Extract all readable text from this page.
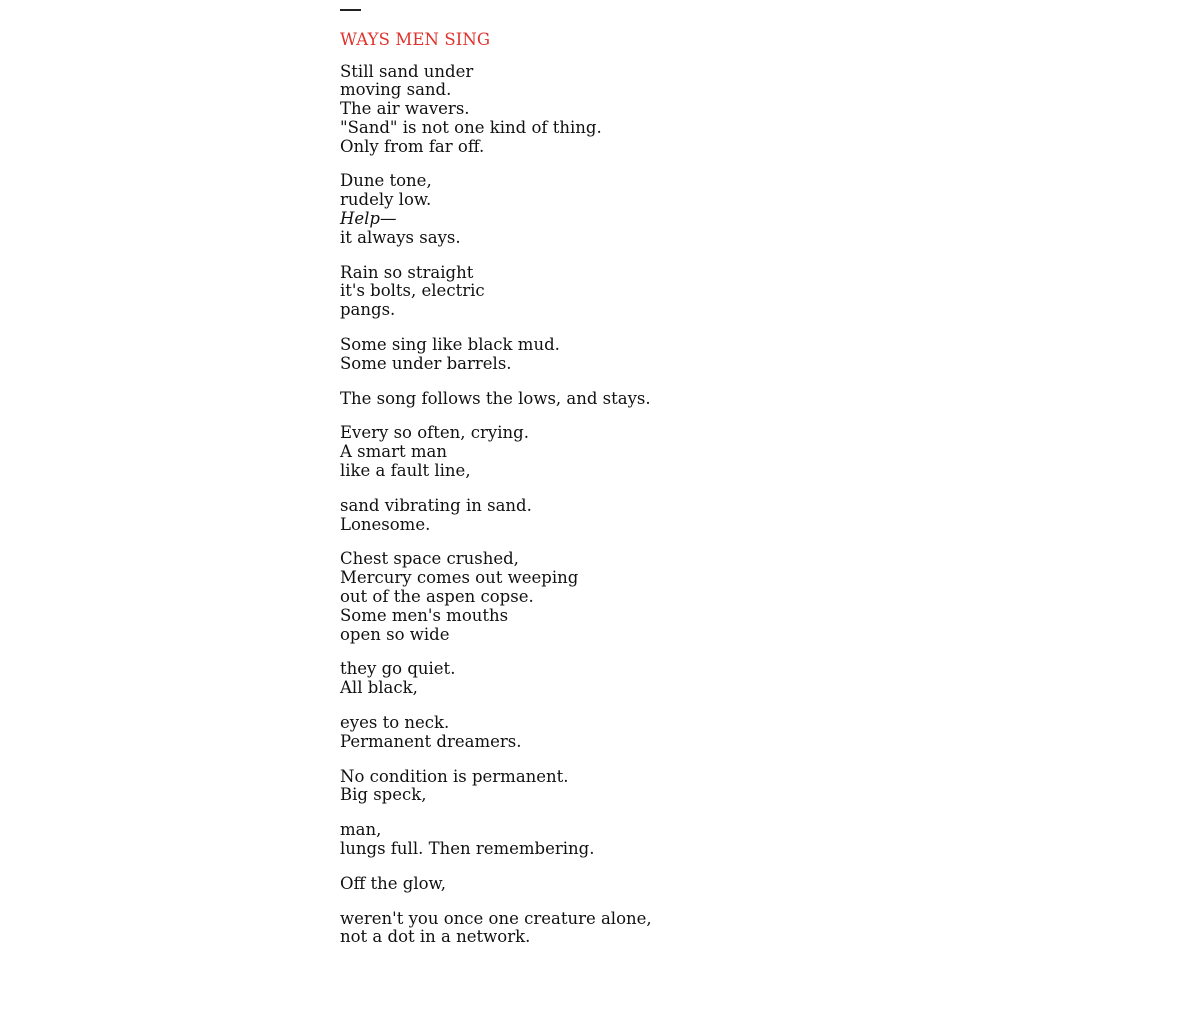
WAYS MEN SING
Still sand under
moving sand.
The air wavers.
"Sand" is not one kind of thing.
Only from far off.
Dune tone,
rudely low.
Help—
it always says.
Rain so straight
it's bolts, electric
pangs.
Some sing like black mud.
Some under barrels.
The song follows the lows, and stays.
Every so often, crying.
A smart man
like a fault line,
sand vibrating in sand.
Lonesome.
Chest space crushed,
Mercury comes out weeping
out of the aspen copse.
Some men's mouths
open so wide
they go quiet.
All black,
eyes to neck.
Permanent dreamers.
No condition is permanent.
Big speck,
man,
lungs full. Then remembering.
Off the glow,
weren't you once one creature alone,
not a dot in a network.
